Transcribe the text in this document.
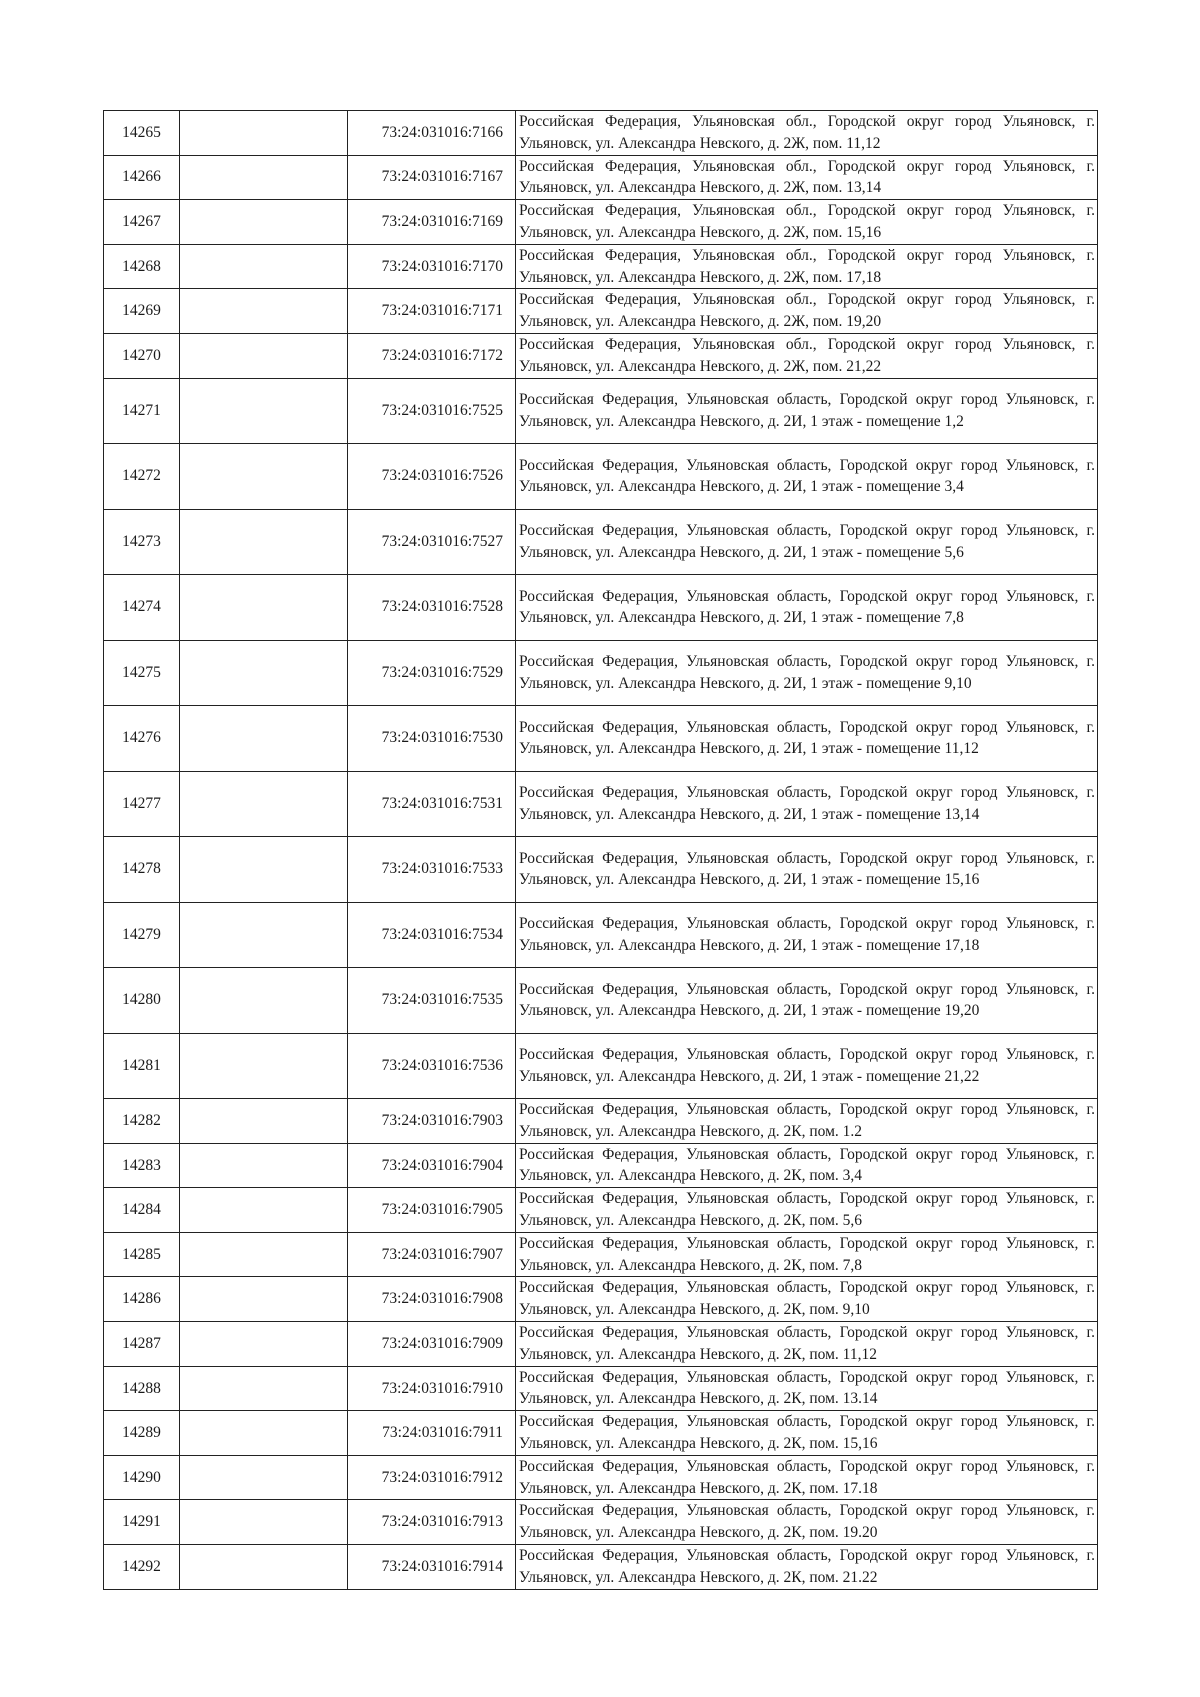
14265		73:24:031016:7166	Российская Федерация, Ульяновская обл., Городской округ город Ульяновск, г. Ульяновск, ул. Александра Невского, д. 2Ж, пом. 11,12
14266		73:24:031016:7167	Российская Федерация, Ульяновская обл., Городской округ город Ульяновск, г. Ульяновск, ул. Александра Невского, д. 2Ж, пом. 13,14
14267		73:24:031016:7169	Российская Федерация, Ульяновская обл., Городской округ город Ульяновск, г. Ульяновск, ул. Александра Невского, д. 2Ж, пом. 15,16
14268		73:24:031016:7170	Российская Федерация, Ульяновская обл., Городской округ город Ульяновск, г. Ульяновск, ул. Александра Невского, д. 2Ж, пом. 17,18
14269		73:24:031016:7171	Российская Федерация, Ульяновская обл., Городской округ город Ульяновск, г. Ульяновск, ул. Александра Невского, д. 2Ж, пом. 19,20
14270		73:24:031016:7172	Российская Федерация, Ульяновская обл., Городской округ город Ульяновск, г. Ульяновск, ул. Александра Невского, д. 2Ж, пом. 21,22
14271		73:24:031016:7525	Российская Федерация, Ульяновская область, Городской округ город Ульяновск, г. Ульяновск, ул. Александра Невского, д. 2И, 1 этаж - помещение 1,2
14272		73:24:031016:7526	Российская Федерация, Ульяновская область, Городской округ город Ульяновск, г. Ульяновск, ул. Александра Невского, д. 2И, 1 этаж - помещение 3,4
14273		73:24:031016:7527	Российская Федерация, Ульяновская область, Городской округ город Ульяновск, г. Ульяновск, ул. Александра Невского, д. 2И, 1 этаж - помещение 5,6
14274		73:24:031016:7528	Российская Федерация, Ульяновская область, Городской округ город Ульяновск, г. Ульяновск, ул. Александра Невского, д. 2И, 1 этаж - помещение 7,8
14275		73:24:031016:7529	Российская Федерация, Ульяновская область, Городской округ город Ульяновск, г. Ульяновск, ул. Александра Невского, д. 2И, 1 этаж - помещение 9,10
14276		73:24:031016:7530	Российская Федерация, Ульяновская область, Городской округ город Ульяновск, г. Ульяновск, ул. Александра Невского, д. 2И, 1 этаж - помещение 11,12
14277		73:24:031016:7531	Российская Федерация, Ульяновская область, Городской округ город Ульяновск, г. Ульяновск, ул. Александра Невского, д. 2И, 1 этаж - помещение 13,14
14278		73:24:031016:7533	Российская Федерация, Ульяновская область, Городской округ город Ульяновск, г. Ульяновск, ул. Александра Невского, д. 2И, 1 этаж - помещение 15,16
14279		73:24:031016:7534	Российская Федерация, Ульяновская область, Городской округ город Ульяновск, г. Ульяновск, ул. Александра Невского, д. 2И, 1 этаж - помещение 17,18
14280		73:24:031016:7535	Российская Федерация, Ульяновская область, Городской округ город Ульяновск, г. Ульяновск, ул. Александра Невского, д. 2И, 1 этаж - помещение 19,20
14281		73:24:031016:7536	Российская Федерация, Ульяновская область, Городской округ город Ульяновск, г. Ульяновск, ул. Александра Невского, д. 2И, 1 этаж - помещение 21,22
14282		73:24:031016:7903	Российская Федерация, Ульяновская область, Городской округ город Ульяновск, г. Ульяновск, ул. Александра Невского, д. 2К, пом. 1.2
14283		73:24:031016:7904	Российская Федерация, Ульяновская область, Городской округ город Ульяновск, г. Ульяновск, ул. Александра Невского, д. 2К, пом. 3,4
14284		73:24:031016:7905	Российская Федерация, Ульяновская область, Городской округ город Ульяновск, г. Ульяновск, ул. Александра Невского, д. 2К, пом. 5,6
14285		73:24:031016:7907	Российская Федерация, Ульяновская область, Городской округ город Ульяновск, г. Ульяновск, ул. Александра Невского, д. 2К, пом. 7,8
14286		73:24:031016:7908	Российская Федерация, Ульяновская область, Городской округ город Ульяновск, г. Ульяновск, ул. Александра Невского, д. 2К, пом. 9,10
14287		73:24:031016:7909	Российская Федерация, Ульяновская область, Городской округ город Ульяновск, г. Ульяновск, ул. Александра Невского, д. 2К, пом. 11,12
14288		73:24:031016:7910	Российская Федерация, Ульяновская область, Городской округ город Ульяновск, г. Ульяновск, ул. Александра Невского, д. 2К, пом. 13.14
14289		73:24:031016:7911	Российская Федерация, Ульяновская область, Городской округ город Ульяновск, г. Ульяновск, ул. Александра Невского, д. 2К, пом. 15,16
14290		73:24:031016:7912	Российская Федерация, Ульяновская область, Городской округ город Ульяновск, г. Ульяновск, ул. Александра Невского, д. 2К, пом. 17.18
14291		73:24:031016:7913	Российская Федерация, Ульяновская область, Городской округ город Ульяновск, г. Ульяновск, ул. Александра Невского, д. 2К, пом. 19.20
14292		73:24:031016:7914	Российская Федерация, Ульяновская область, Городской округ город Ульяновск, г. Ульяновск, ул. Александра Невского, д. 2К, пом. 21.22
